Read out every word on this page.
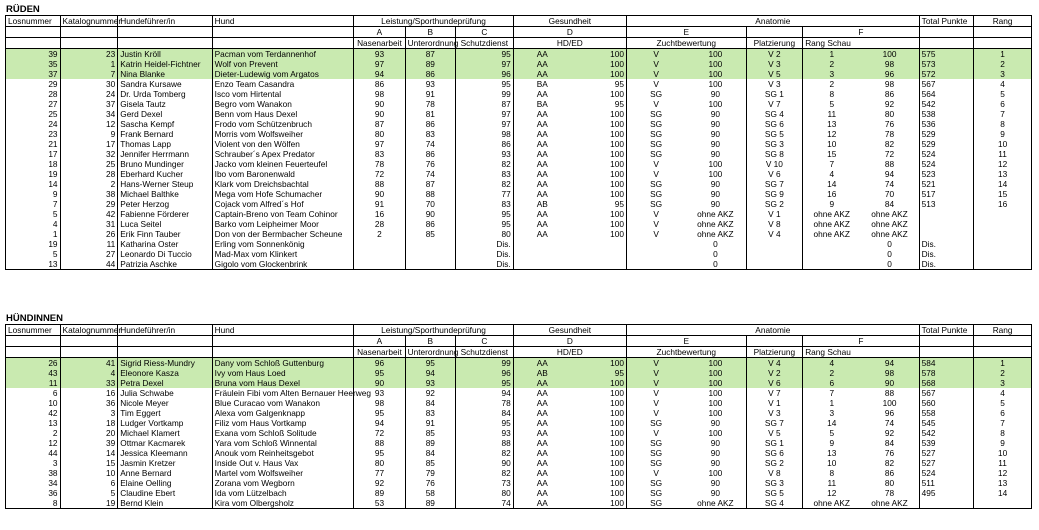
RÜDEN
Losnummer	Katalognummer	Hundeführer/in	Hund	Leistung/Sporthundeprüfung			Gesundheit		Anatomie					Total Punkte	Rang
				A	B	C	D		E			F			
				Nasenarbeit	Unterordnung	Schutzdienst	HD/ED		Zuchtbewertung		Platzierung	Rang Schau			
39	23	Justin Kröll	Pacman vom Terdannenhof	93	87	95	AA	100	V	100	V 2	1	100	575	1
35	1	Katrin Heidel-Fichtner	Wolf von Prevent	97	89	97	AA	100	V	100	V 3	2	98	573	2
37	7	Nina Blanke	Dieter-Ludewig vom Argatos	94	86	96	AA	100	V	100	V 5	3	96	572	3
29	30	Sandra Kursawe	Enzo Team Casandra	86	93	95	BA	95	V	100	V 3	2	98	567	4
28	24	Dr. Urda Tomberg	Isco vom Hirtental	98	91	99	AA	100	SG	90	SG 1	8	86	564	5
27	37	Gisela Tautz	Begro vom Wanakon	90	78	87	BA	95	V	100	V 7	5	92	542	6
25	34	Gerd Dexel	Benn vom Haus Dexel	90	81	97	AA	100	SG	90	SG 4	11	80	538	7
24	12	Sascha Kempf	Frodo vom Schützenbruch	87	86	97	AA	100	SG	90	SG 6	13	76	536	8
23	9	Frank Bernard	Morris vom Wolfsweiher	80	83	98	AA	100	SG	90	SG 5	12	78	529	9
21	17	Thomas Lapp	Violent von den Wölfen	97	74	86	AA	100	SG	90	SG 3	10	82	529	10
17	32	Jennifer Herrmann	Schrauber´s Apex Predator	83	86	93	AA	100	SG	90	SG 8	15	72	524	11
18	25	Bruno Mundinger	Jacko vom kleinen Feuerteufel	78	76	82	AA	100	V	100	V 10	7	88	524	12
19	28	Eberhard Kucher	Ibo vom Baronenwald	72	74	83	AA	100	V	100	V 6	4	94	523	13
14	2	Hans-Werner Steup	Klark vom Dreichsbachtal	88	87	82	AA	100	SG	90	SG 7	14	74	521	14
9	38	Michael Balthke	Mega vom Hofe Schumacher	90	88	77	AA	100	SG	90	SG 9	16	70	517	15
7	29	Peter Herzog	Cojack vom Alfred´s Hof	91	70	83	AB	95	SG	90	SG 2	9	84	513	16
5	42	Fabienne Förderer	Captain-Breno von Team Cohinor	16	90	95	AA	100	V	ohne AKZ	V 1	ohne AKZ	ohne AKZ		
4	31	Luca Seitel	Barko vom Leipheimer Moor	28	86	95	AA	100	V	ohne AKZ	V 8	ohne AKZ	ohne AKZ		
1	26	Erik Finn Tauber	Don von der Bermbacher Scheune	2	85	80	AA	100	V	ohne AKZ	V 4	ohne AKZ	ohne AKZ		
19	11	Katharina Oster	Erling vom Sonnenkönig			Dis.				0			0	Dis.	
5	27	Leonardo Di Tuccio	Mad-Max vom Klinkert			Dis.				0			0	Dis.	
13	44	Patrizia Aschke	Gigolo vom Glockenbrink			Dis.				0			0	Dis.	
HÜNDINNEN
Losnummer	Katalognummer	Hundeführer/in	Hund	Leistung/Sporthundeprüfung			Gesundheit		Anatomie					Total Punkte	Rang
				A	B	C	D		E			F			
				Nasenarbeit	Unterordnung	Schutzdienst	HD/ED		Zuchtbewertung		Platzierung	Rang Schau			
26	41	Sigrid Riess-Mundry	Dany vom Schloß Guttenburg	96	95	99	AA	100	V	100	V 4	4	94	584	1
43	4	Eleonore Kasza	Ivy vom Haus Loed	95	94	96	AB	95	V	100	V 2	2	98	578	2
11	33	Petra Dexel	Bruna vom Haus Dexel	90	93	95	AA	100	V	100	V 6	6	90	568	3
6	16	Julia Schwabe	Fräulein Fibi vom Alten Bernauer Heerweg	93	92	94	AA	100	V	100	V 7	7	88	567	4
10	36	Nicole Meyer	Blue Curacao vom Wanakon	98	84	78	AA	100	V	100	V 1	1	100	560	5
42	3	Tim Eggert	Alexa vom Galgenknapp	95	83	84	AA	100	V	100	V 3	3	96	558	6
13	18	Ludger Vortkamp	Filiz vom Haus Vortkamp	94	91	95	AA	100	SG	90	SG 7	14	74	545	7
2	20	Michael Klamert	Exana vom Schloß Solitude	72	85	93	AA	100	V	100	V 5	5	92	542	8
12	39	Ottmar Kacmarek	Yara vom Schloß Winnental	88	89	88	AA	100	SG	90	SG 1	9	84	539	9
44	14	Jessica Kleemann	Anouk vom Reinheitsgebot	95	84	82	AA	100	SG	90	SG 6	13	76	527	10
3	15	Jasmin Kretzer	Inside Out v. Haus Vax	80	85	90	AA	100	SG	90	SG 2	10	82	527	11
38	10	Anne Bernard	Martel vom Wolfsweiher	77	79	82	AA	100	V	100	V 8	8	86	524	12
34	6	Elaine Oelling	Zorana vom Wegborn	92	76	73	AA	100	SG	90	SG 3	11	80	511	13
36	5	Claudine Ebert	Ida vom Lützelbach	89	58	80	AA	100	SG	90	SG 5	12	78	495	14
8	19	Bernd Klein	Kira vom Olbergsholz	53	89	74	AA	100	SG	ohne AKZ	SG 4	ohne AKZ	ohne AKZ		
